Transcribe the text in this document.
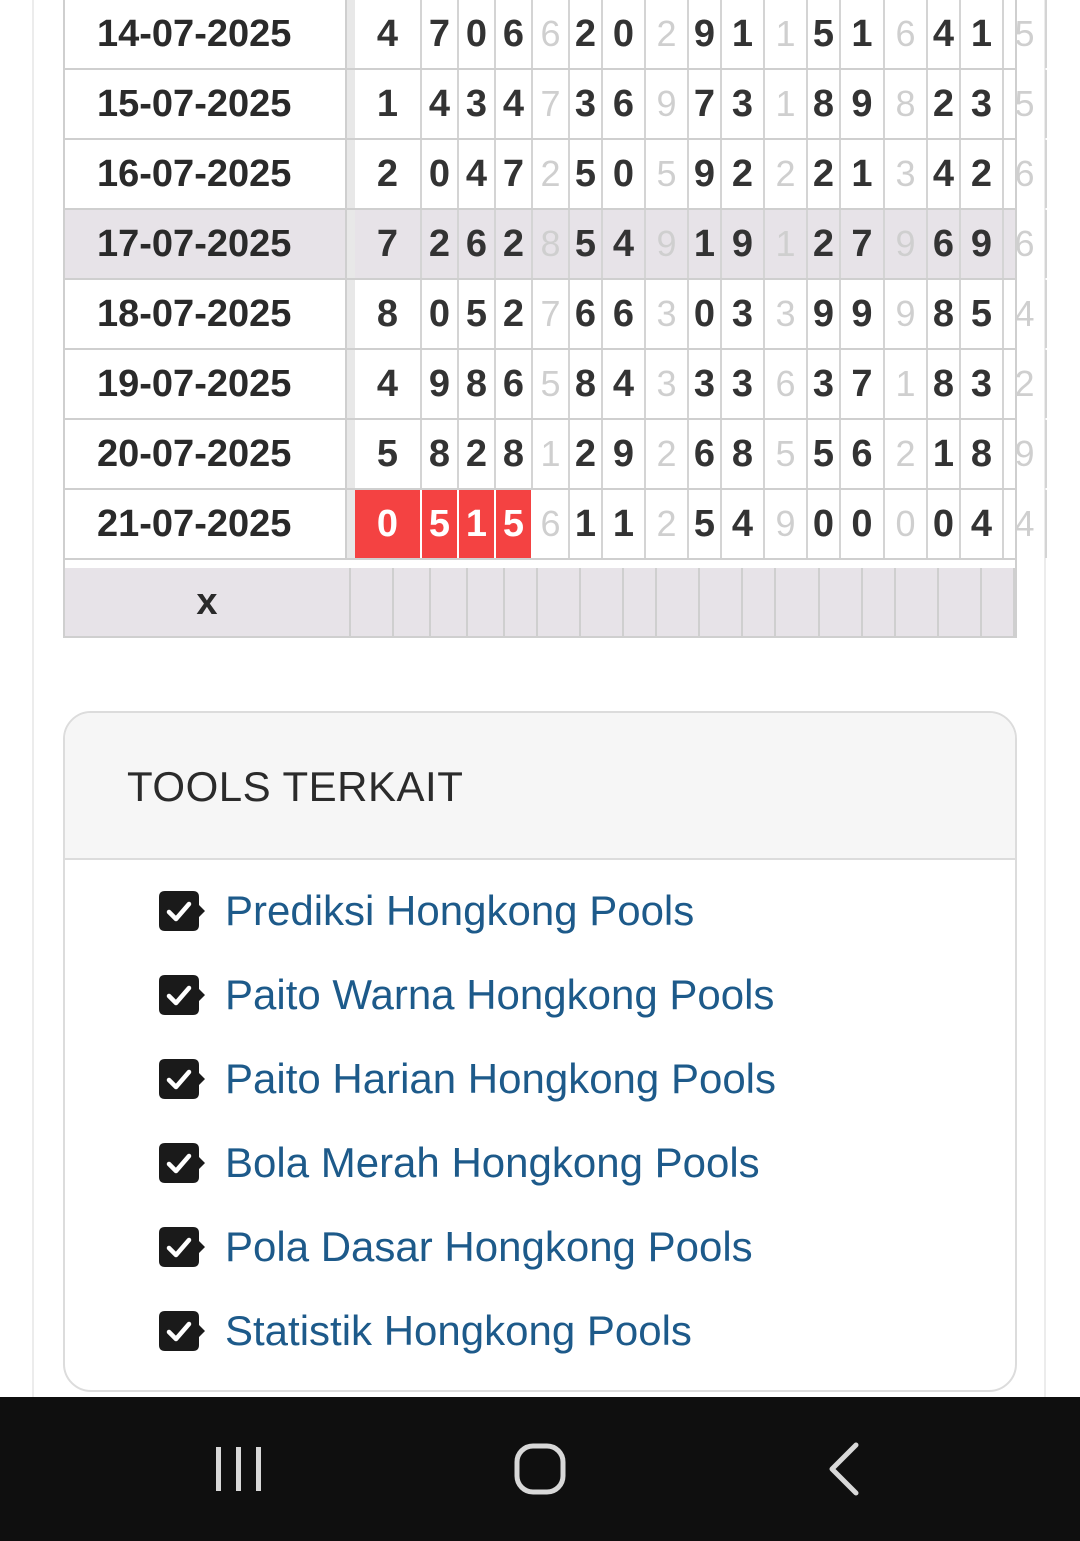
14-07-2025	4 7 0 6 6 2 0 2 9 1 1 5 1 6 4 1 5
15-07-2025	1 4 3 4 7 3 6 9 7 3 1 8 9 8 2 3 5
16-07-2025	2 0 4 7 2 5 0 5 9 2 2 2 1 3 4 2 6
17-07-2025	7 2 6 2 8 5 4 9 1 9 1 2 7 9 6 9 6
18-07-2025	8 0 5 2 7 6 6 3 0 3 3 9 9 9 8 5 4
19-07-2025	4 9 8 6 5 8 4 3 3 3 6 3 7 1 8 3 2
20-07-2025	5 8 2 8 1 2 9 2 6 8 5 5 6 2 1 8 9
21-07-2025	0 5 1 5 6 1 1 2 5 4 9 0 0 0 0 4 4
x
TOOLS TERKAIT
Prediksi Hongkong Pools
Paito Warna Hongkong Pools
Paito Harian Hongkong Pools
Bola Merah Hongkong Pools
Pola Dasar Hongkong Pools
Statistik Hongkong Pools
